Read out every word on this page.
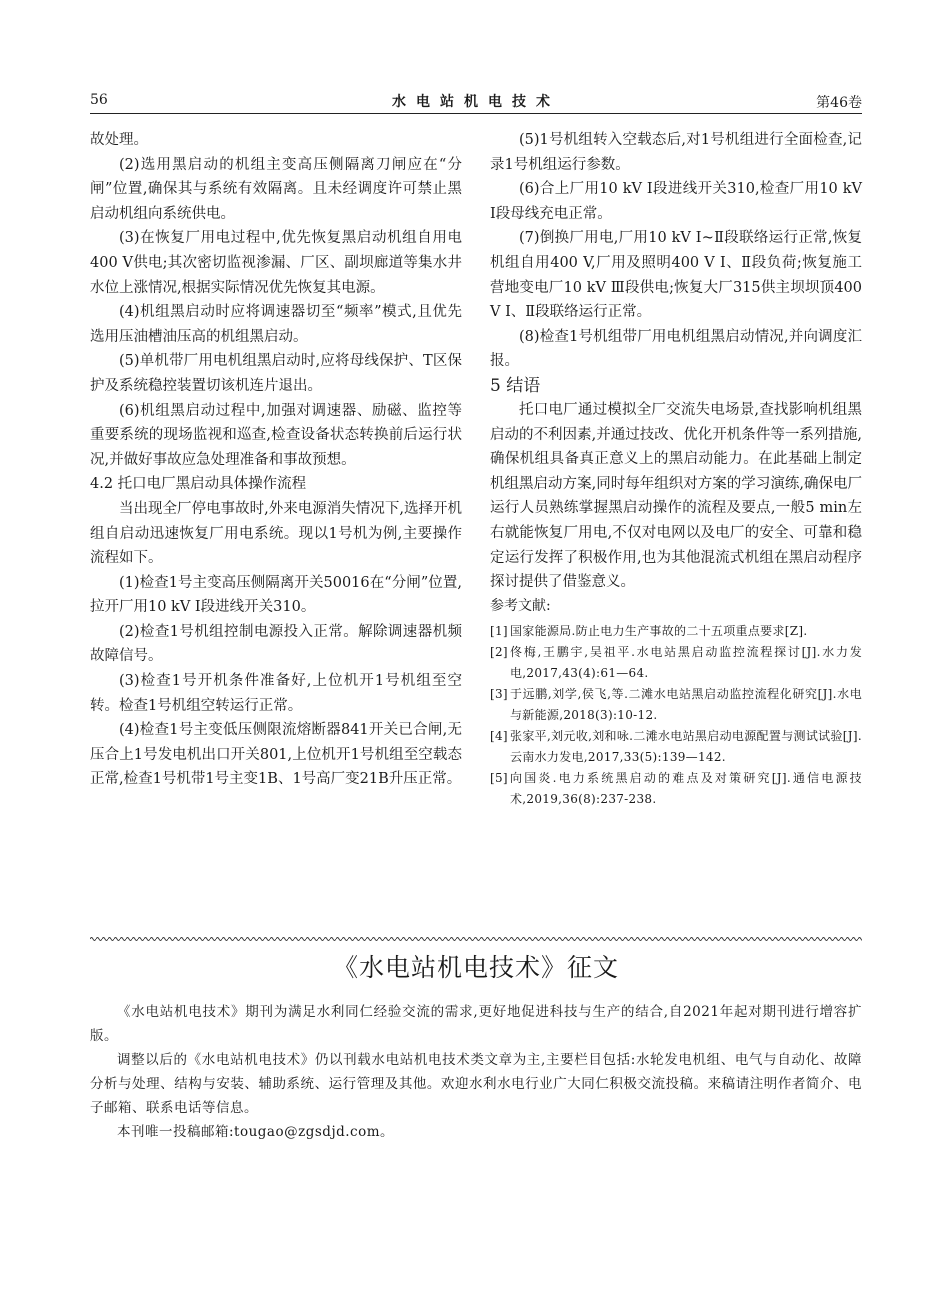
56	水电站机电技术	第46卷

故处理。

(2)选用黑启动的机组主变高压侧隔离刀闸应在“分闸”位置,确保其与系统有效隔离。且未经调度许可禁止黑启动机组向系统供电。

(3)在恢复厂用电过程中,优先恢复黑启动机组自用电400 V供电;其次密切监视渗漏、厂区、副坝廊道等集水井水位上涨情况,根据实际情况优先恢复其电源。

(4)机组黑启动时应将调速器切至“频率”模式,且优先选用压油槽油压高的机组黑启动。

(5)单机带厂用电机组黑启动时,应将母线保护、T区保护及系统稳控装置切该机连片退出。

(6)机组黑启动过程中,加强对调速器、励磁、监控等重要系统的现场监视和巡查,检查设备状态转换前后运行状况,并做好事故应急处理准备和事故预想。

4.2 托口电厂黑启动具体操作流程

当出现全厂停电事故时,外来电源消失情况下,选择开机组自启动迅速恢复厂用电系统。现以1号机为例,主要操作流程如下。

(1)检查1号主变高压侧隔离开关50016在“分闸”位置,拉开厂用10 kV Ⅰ段进线开关310。

(2)检查1号机组控制电源投入正常。解除调速器机频故障信号。

(3)检查1号开机条件准备好,上位机开1号机组至空转。检查1号机组空转运行正常。

(4)检查1号主变低压侧限流熔断器841开关已合闸,无压合上1号发电机出口开关801,上位机开1号机组至空载态正常,检查1号机带1号主变1B、1号高厂变21B升压正常。

(5)1号机组转入空载态后,对1号机组进行全面检查,记录1号机组运行参数。

(6)合上厂用10 kV Ⅰ段进线开关310,检查厂用10 kV Ⅰ段母线充电正常。

(7)倒换厂用电,厂用10 kV Ⅰ~Ⅱ段联络运行正常,恢复机组自用400 V,厂用及照明400 V Ⅰ、Ⅱ段负荷;恢复施工营地变电厂10 kV Ⅲ段供电;恢复大厂315供主坝坝顶400 V Ⅰ、Ⅱ段联络运行正常。

(8)检查1号机组带厂用电机组黑启动情况,并向调度汇报。

5 结语

托口电厂通过模拟全厂交流失电场景,查找影响机组黑启动的不利因素,并通过技改、优化开机条件等一系列措施,确保机组具备真正意义上的黑启动能力。在此基础上制定机组黑启动方案,同时每年组织对方案的学习演练,确保电厂运行人员熟练掌握黑启动操作的流程及要点,一般5 min左右就能恢复厂用电,不仅对电网以及电厂的安全、可靠和稳定运行发挥了积极作用,也为其他混流式机组在黑启动程序探讨提供了借鉴意义。

参考文献:

[1] 国家能源局.防止电力生产事故的二十五项重点要求[Z].
[2] 佟梅,王鹏宇,吴祖平.水电站黑启动监控流程探讨[J].水力发电,2017,43(4):61—64.
[3] 于远鹏,刘学,侯飞,等.二滩水电站黑启动监控流程化研究[J].水电与新能源,2018(3):10-12.
[4] 张家平,刘元收,刘和咏.二滩水电站黑启动电源配置与测试试验[J].云南水力发电,2017,33(5):139—142.
[5] 向国炎.电力系统黑启动的难点及对策研究[J].通信电源技术,2019,36(8):237-238.
《水电站机电技术》征文

《水电站机电技术》期刊为满足水利同仁经验交流的需求,更好地促进科技与生产的结合,自2021年起对期刊进行增容扩版。

调整以后的《水电站机电技术》仍以刊载水电站机电技术类文章为主,主要栏目包括:水轮发电机组、电气与自动化、故障分析与处理、结构与安装、辅助系统、运行管理及其他。欢迎水利水电行业广大同仁积极交流投稿。来稿请注明作者简介、电子邮箱、联系电话等信息。

本刊唯一投稿邮箱:tougao@zgsdjd.com。
